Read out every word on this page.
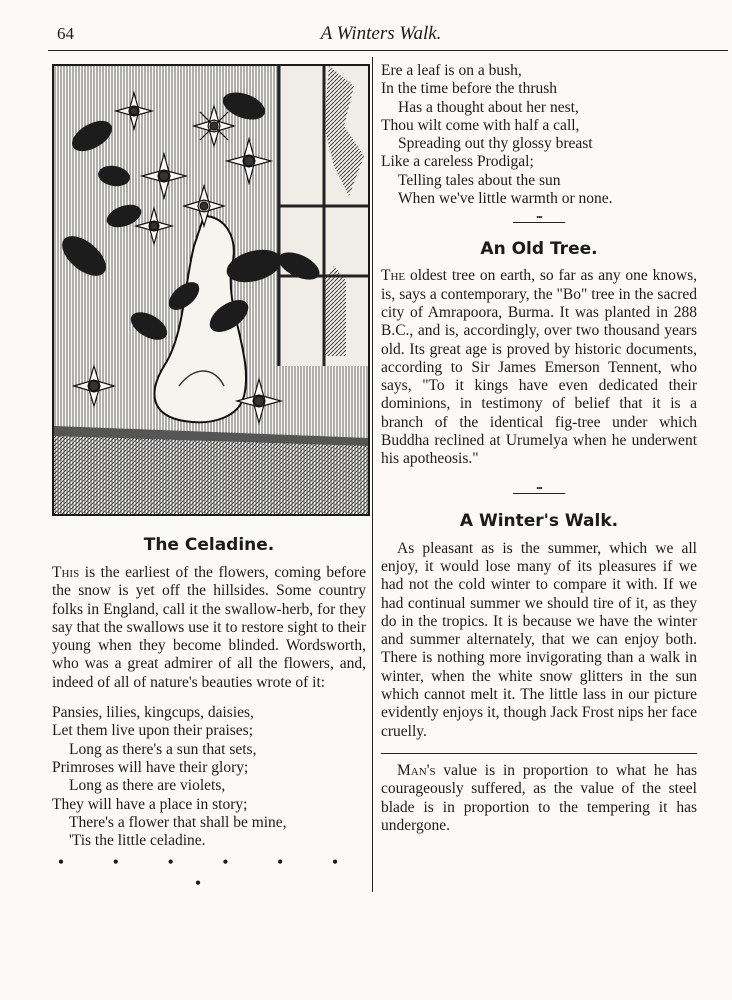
64	A Winters Walk.
The Celadine.

This is the earliest of the flowers, coming before the snow is yet off the hillsides. Some country folks in England, call it the swallow-herb, for they say that the swallows use it to restore sight to their young when they become blinded. Wordsworth, who was a great admirer of all the flowers, and, indeed of all of nature's beauties wrote of it:

Pansies, lilies, kingcups, daisies,
Let them live upon their praises;
Long as there's a sun that sets,
Primroses will have their glory;
Long as there are violets,
They will have a place in story;
There's a flower that shall be mine,
'Tis the little celadine.
• • • • • • •
Ere a leaf is on a bush,
In the time before the thrush
Has a thought about her nest,
Thou wilt come with half a call,
Spreading out thy glossy breast
Like a careless Prodigal;
Telling tales about the sun
When we've little warmth or none.
•••
An Old Tree.

The oldest tree on earth, so far as any one knows, is, says a contemporary, the "Bo" tree in the sacred city of Amrapoora, Burma. It was planted in 288 B.C., and is, accordingly, over two thousand years old. Its great age is proved by historic documents, according to Sir James Emerson Tennent, who says, "To it kings have even dedicated their dominions, in testimony of belief that it is a branch of the identical fig-tree under which Buddha reclined at Urumelya when he underwent his apotheosis."

•••
A Winter's Walk.

As pleasant as is the summer, which we all enjoy, it would lose many of its pleasures if we had not the cold winter to compare it with. If we had continual summer we should tire of it, as they do in the tropics. It is because we have the winter and summer alternately, that we can enjoy both. There is nothing more invigorating than a walk in winter, when the white snow glitters in the sun which cannot melt it. The little lass in our picture evidently enjoys it, though Jack Frost nips her face cruelly.

Man's value is in proportion to what he has courageously suffered, as the value of the steel blade is in proportion to the tempering it has undergone.
